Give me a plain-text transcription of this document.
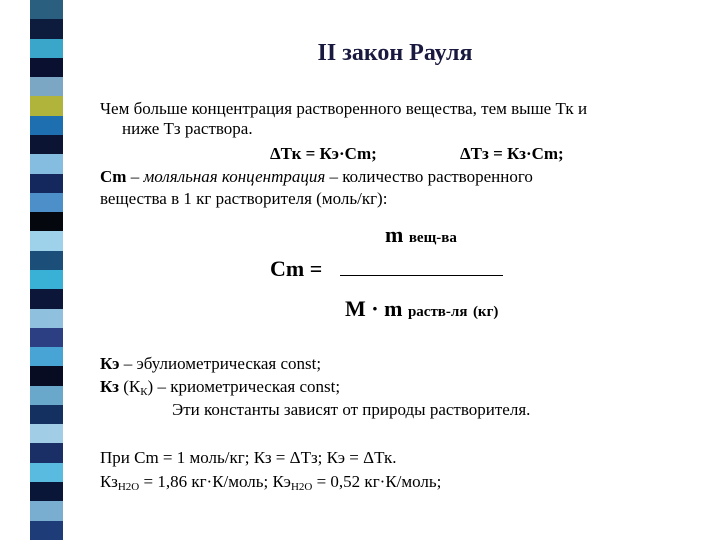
II закон Рауля
Чем больше концентрация растворенного вещества, тем выше Тк и
ниже Тз раствора.
ΔТк = Кэ·Сm;	ΔТз = Кз·Сm;
Сm – моляльная концентрация – количество растворенного
вещества в 1 кг растворителя (моль/кг):
m вещ-ва
Сm =
M · m раств-ля (кг)
Кэ – эбулиометрическая const;
Кз $(К_К)$ – криометрическая const;
Эти константы зависят от природы растворителя.
При Сm = 1 моль/кг; Кз = ΔТз; Кэ = ΔТк.
$Кз_{H2O} = 1,86$ кг·К/моль; $Кэ_{H2O} = 0,52$ кг·К/моль;
